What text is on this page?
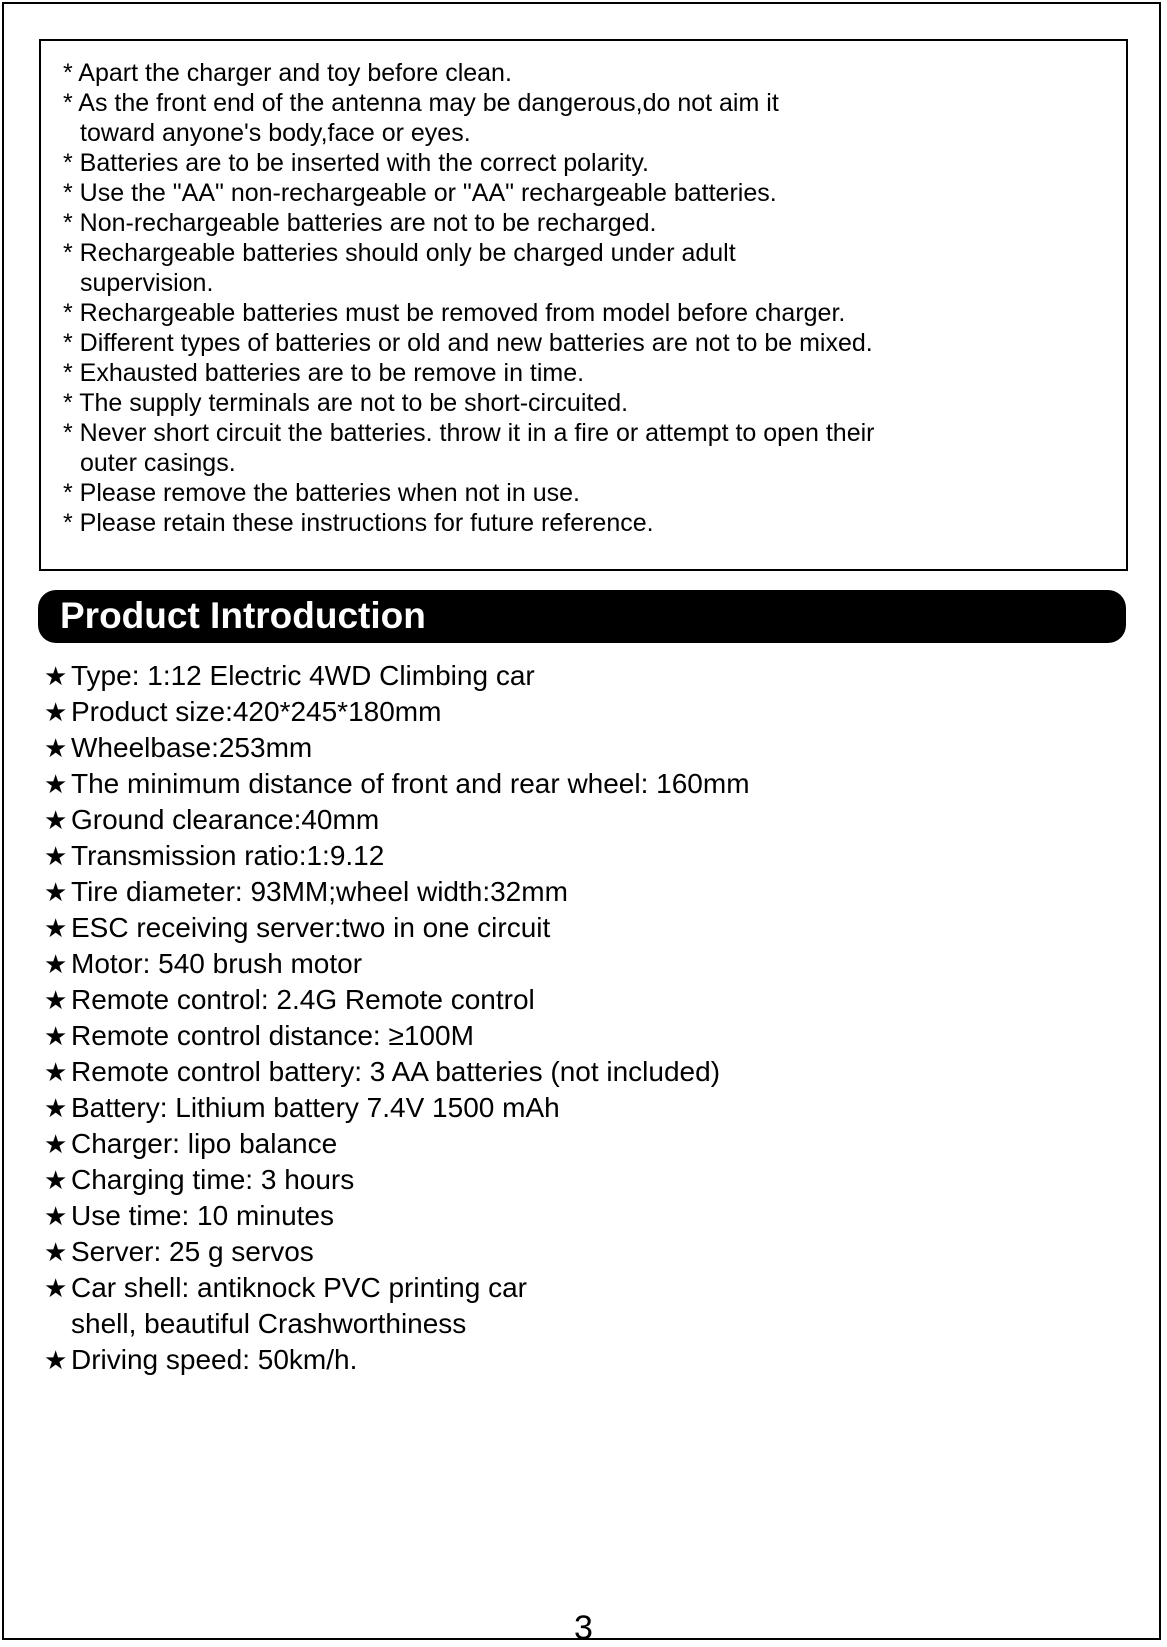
* Apart the charger and toy before clean.
* As the front end of the antenna may be dangerous,do not aim it toward anyone's body,face or eyes.
* Batteries are to be inserted with the correct polarity.
* Use the "AA" non-rechargeable or "AA" rechargeable batteries.
* Non-rechargeable batteries are not to be recharged.
* Rechargeable batteries should only be charged under adult supervision.
* Rechargeable batteries must be removed from model before charger.
* Different types of batteries or old and new batteries are not to be mixed.
* Exhausted batteries are to be remove in time.
* The supply terminals are not to be short-circuited.
* Never short circuit the batteries. throw it in a fire or attempt to open their outer casings.
* Please remove the batteries when not in use.
* Please retain these instructions for future reference.
Product Introduction
★ Type: 1:12 Electric 4WD Climbing car
★ Product size:420*245*180mm
★ Wheelbase:253mm
★ The minimum distance of front and rear wheel: 160mm
★ Ground clearance:40mm
★ Transmission ratio:1:9.12
★ Tire diameter: 93MM;wheel width:32mm
★ ESC receiving server:two in one circuit
★ Motor: 540 brush motor
★ Remote control: 2.4G Remote control
★ Remote control distance: ≥100M
★ Remote control battery: 3 AA batteries (not included)
★ Battery: Lithium battery 7.4V 1500 mAh
★ Charger: lipo balance
★ Charging time: 3 hours
★ Use time: 10 minutes
★ Server: 25 g servos
★ Car shell: antiknock PVC printing car shell, beautiful Crashworthiness
★ Driving speed: 50km/h.
3
